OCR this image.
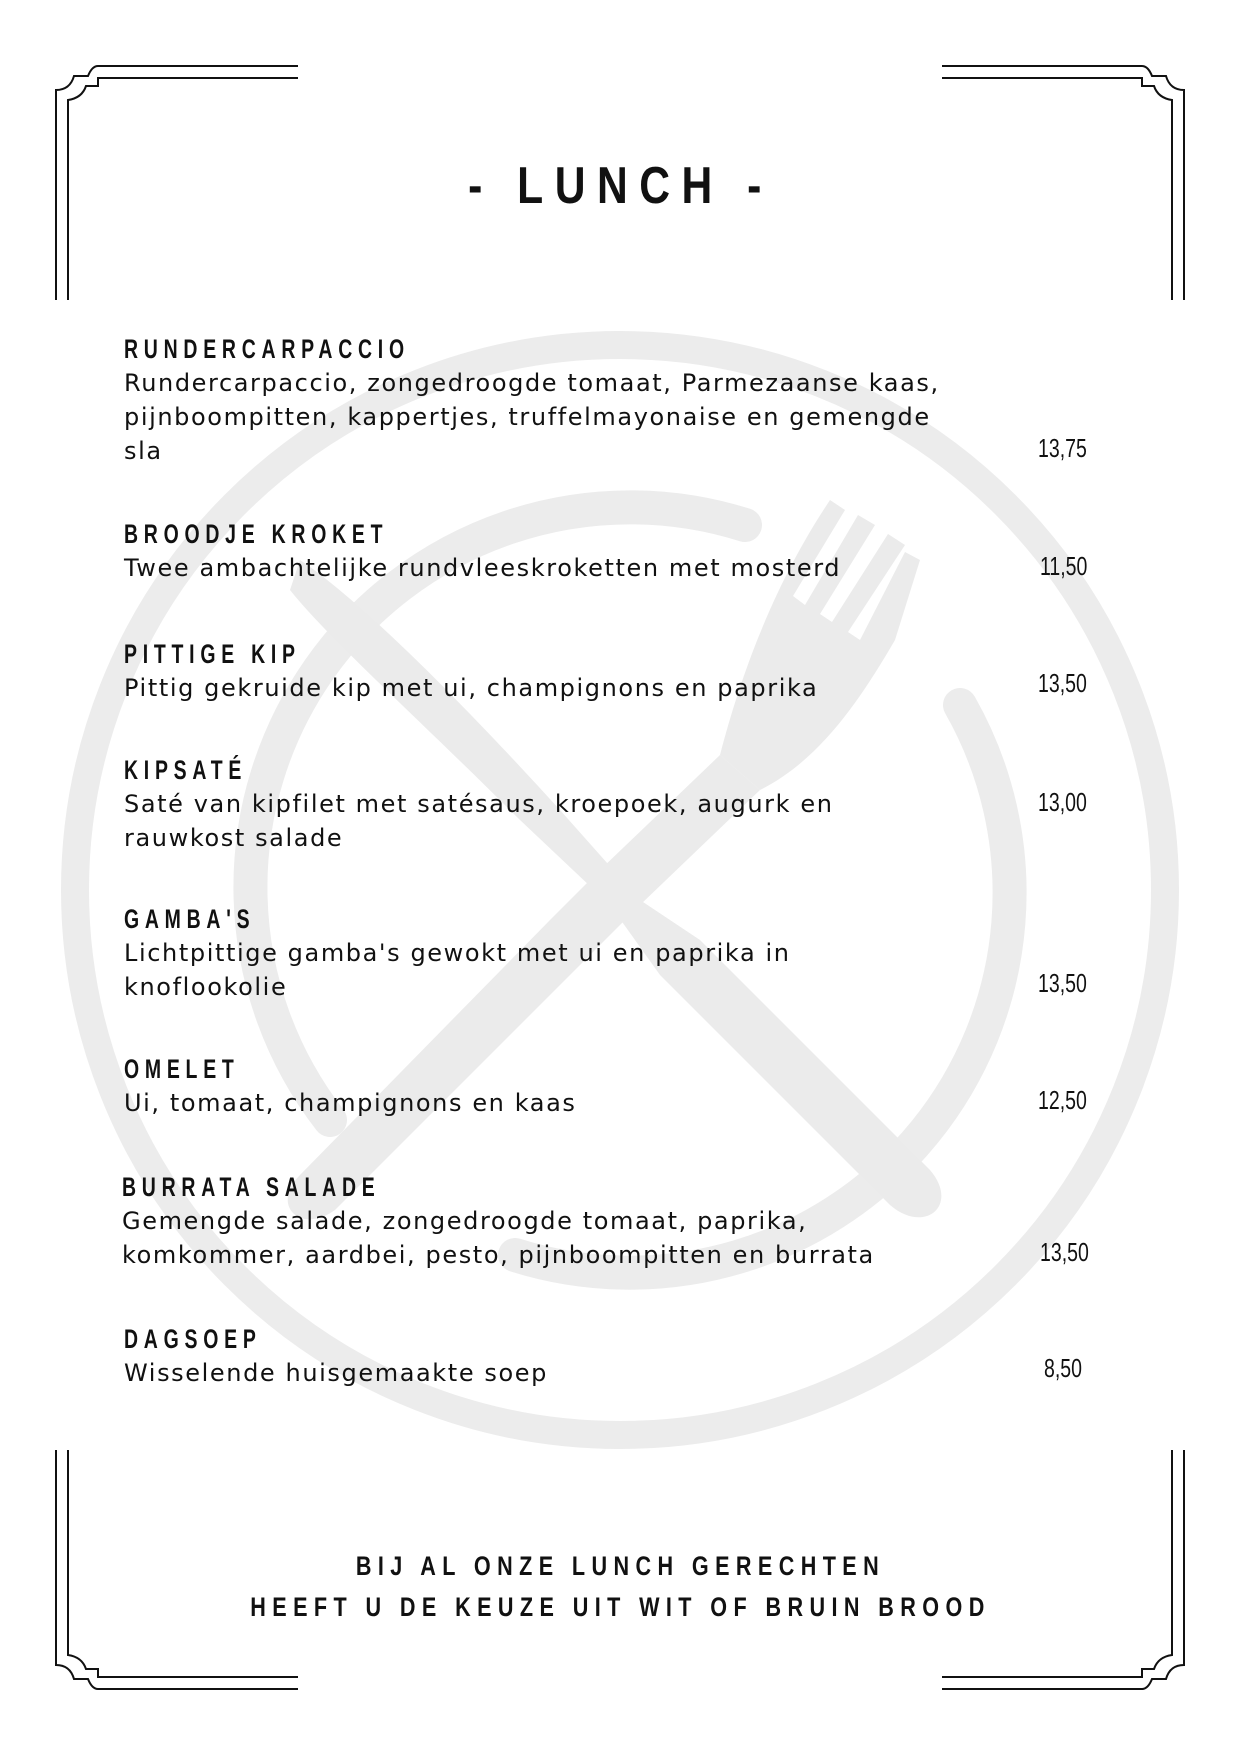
- LUNCH -
RUNDERCARPACCIO
Rundercarpaccio, zongedroogde tomaat, Parmezaanse kaas, pijnboompitten, kappertjes, truffelmayonaise en gemengde sla	13,75
BROODJE KROKET
Twee ambachtelijke rundvleeskroketten met mosterd	11,50
PITTIGE KIP
Pittig gekruide kip met ui, champignons en paprika	13,50
KIPSATÉ
Saté van kipfilet met satésaus, kroepoek, augurk en rauwkost salade
13,00
GAMBA'S
Lichtpittige gamba's gewokt met ui en paprika in knoflookolie	13,50
OMELET
Ui, tomaat, champignons en kaas	12,50
BURRATA SALADE
Gemengde salade, zongedroogde tomaat, paprika, komkommer, aardbei, pesto, pijnboompitten en burrata	13,50
DAGSOEP
Wisselende huisgemaakte soep	8,50
BIJ AL ONZE LUNCH GERECHTEN
HEEFT U DE KEUZE UIT WIT OF BRUIN BROOD
